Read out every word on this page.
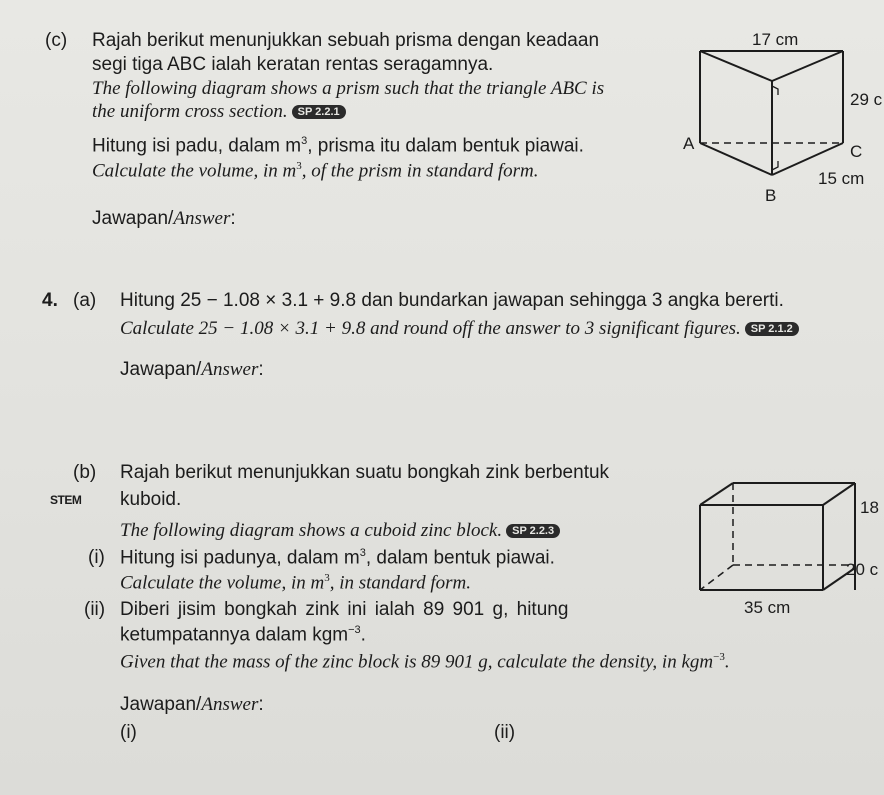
(c) Rajah berikut menunjukkan sebuah prisma dengan keadaan
segi tiga ABC ialah keratan rentas seragamnya.
The following diagram shows a prism such that the triangle ABC is
the uniform cross section. SP 2.2.1
Hitung isi padu, dalam $m^3$, prisma itu dalam bentuk piawai.
Calculate the volume, in $m^3$, of the prism in standard form.
Jawapan/Answer:
17 cm
29 c
15 cm
A	C
B
4. (a) Hitung 25 − 1.08 × 3.1 + 9.8 dan bundarkan jawapan sehingga 3 angka bererti.
Calculate 25 − 1.08 × 3.1 + 9.8 and round off the answer to 3 significant figures. SP 2.1.2
Jawapan/Answer:
(b) Rajah berikut menunjukkan suatu bongkah zink berbentuk
STEM kuboid.
The following diagram shows a cuboid zinc block. SP 2.2.3
(i) Hitung isi padunya, dalam $m^3$, dalam bentuk piawai.
Calculate the volume, in $m^3$, in standard form.
(ii) Diberi jisim bongkah zink ini ialah 89 901 g, hitung
ketumpatannya dalam kgm$^{-3}$.
Given that the mass of the zinc block is 89 901 g, calculate the density, in kgm$^{-3}$.
Jawapan/Answer:
(i)	(ii)
18
20 c
35 cm
